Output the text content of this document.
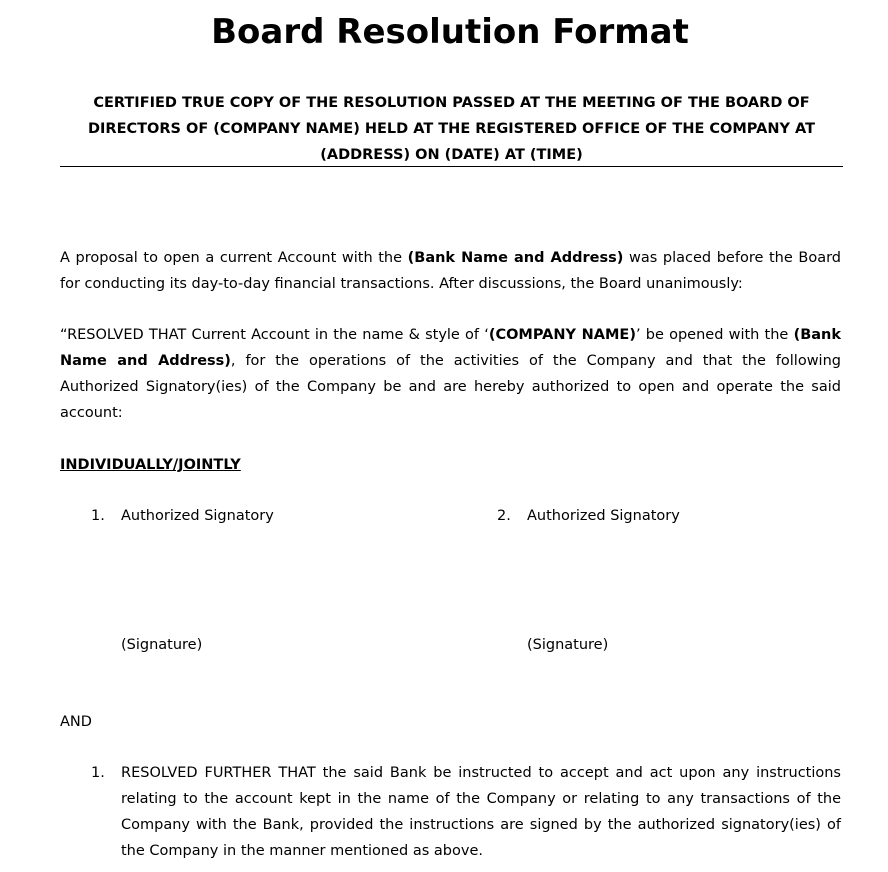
Board Resolution Format

CERTIFIED TRUE COPY OF THE RESOLUTION PASSED AT THE MEETING OF THE BOARD OF DIRECTORS OF (COMPANY NAME) HELD AT THE REGISTERED OFFICE OF THE COMPANY AT (ADDRESS) ON (DATE) AT (TIME)

A proposal to open a current Account with the (Bank Name and Address) was placed before the Board for conducting its day-to-day financial transactions. After discussions, the Board unanimously:

“RESOLVED THAT Current Account in the name & style of ‘(COMPANY NAME)’ be opened with the (Bank Name and Address), for the operations of the activities of the Company and that the following Authorized Signatory(ies) of the Company be and are hereby authorized to open and operate the said account:

INDIVIDUALLY/JOINTLY

1. Authorized Signatory

(Signature)

2. Authorized Signatory

(Signature)

AND

1. RESOLVED FURTHER THAT the said Bank be instructed to accept and act upon any instructions relating to the account kept in the name of the Company or relating to any transactions of the Company with the Bank, provided the instructions are signed by the authorized signatory(ies) of the Company in the manner mentioned as above.
